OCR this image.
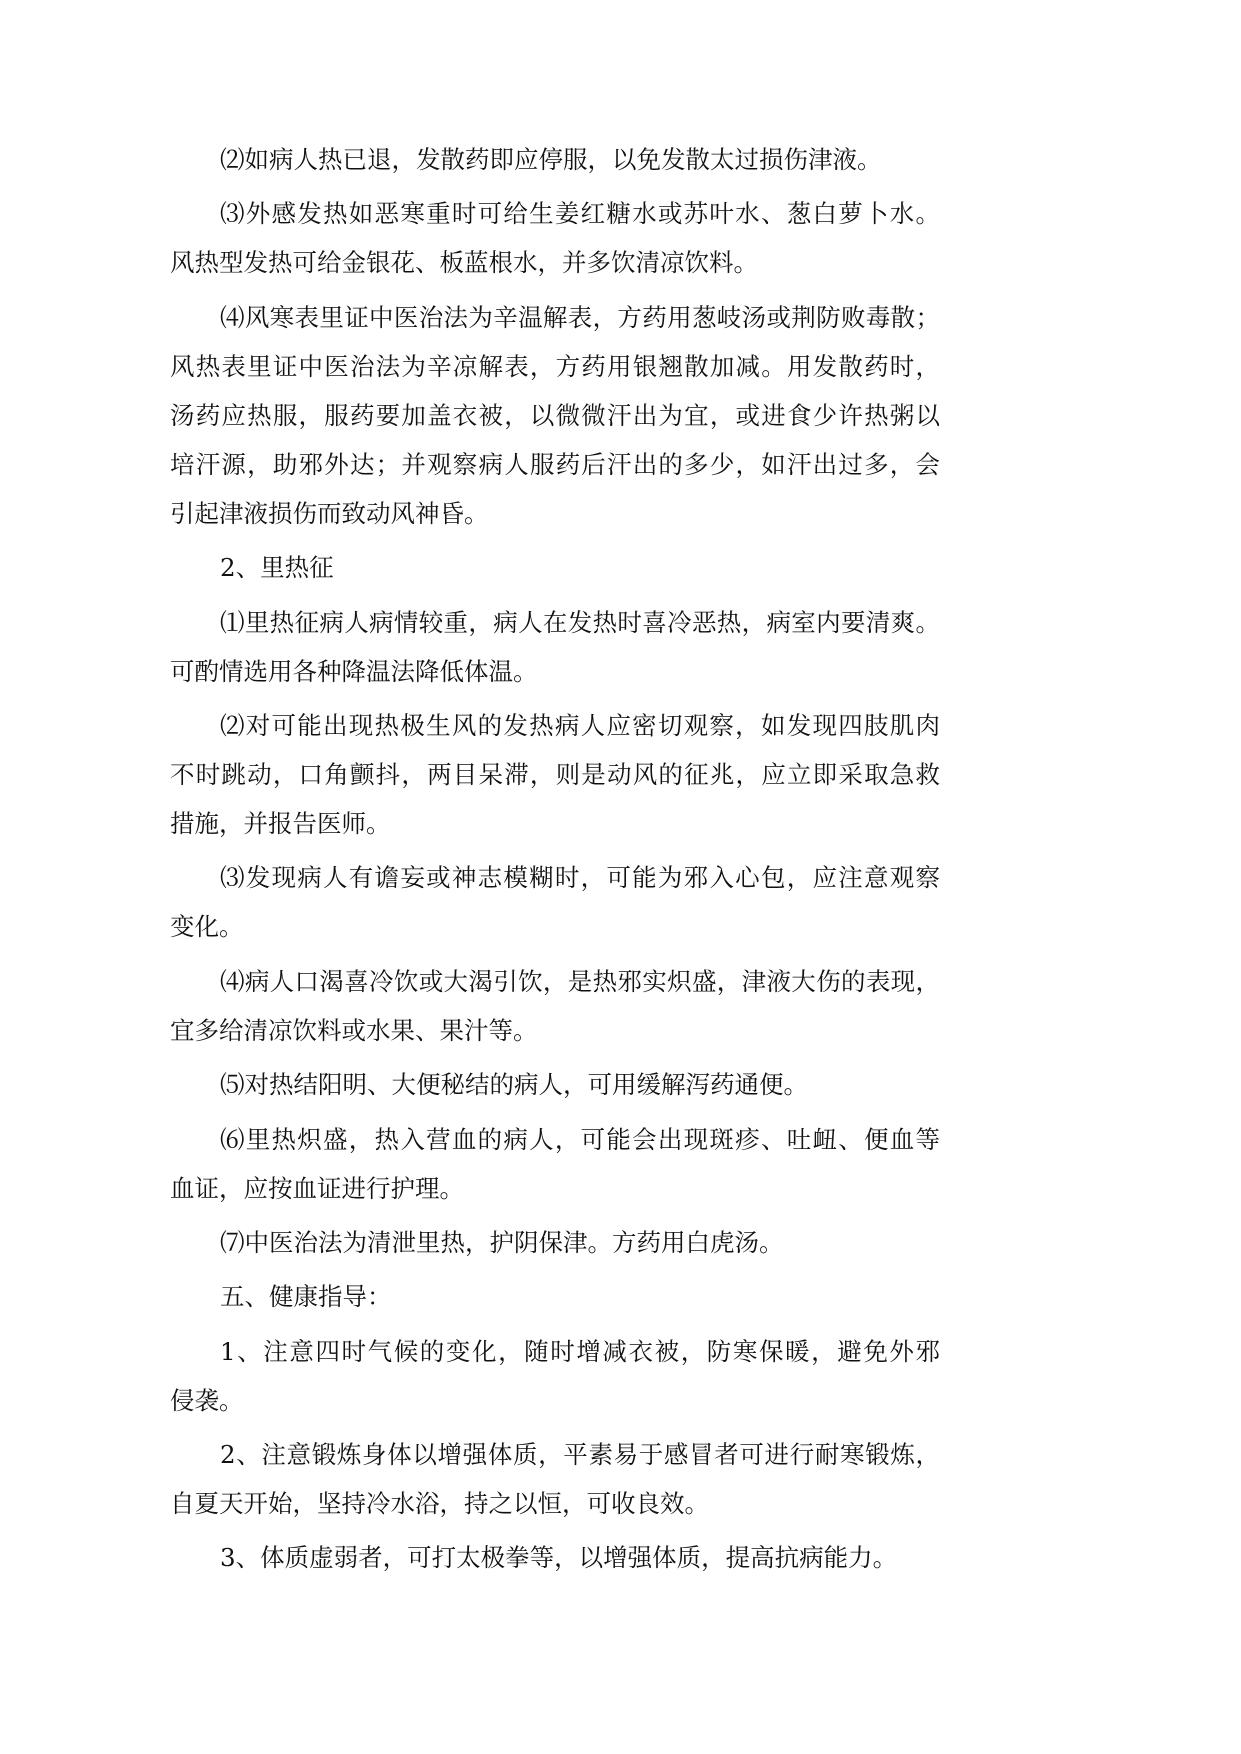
⑵如病人热已退，发散药即应停服，以免发散太过损伤津液。
⑶外感发热如恶寒重时可给生姜红糖水或苏叶水、葱白萝卜水。
风热型发热可给金银花、板蓝根水，并多饮清凉饮料。
⑷风寒表里证中医治法为辛温解表，方药用葱岐汤或荆防败毒散；
风热表里证中医治法为辛凉解表，方药用银翘散加减。用发散药时，
汤药应热服，服药要加盖衣被，以微微汗出为宜，或进食少许热粥以
培汗源，助邪外达；并观察病人服药后汗出的多少，如汗出过多，会
引起津液损伤而致动风神昏。
2、里热征
⑴里热征病人病情较重，病人在发热时喜冷恶热，病室内要清爽。
可酌情选用各种降温法降低体温。
⑵对可能出现热极生风的发热病人应密切观察，如发现四肢肌肉
不时跳动，口角颤抖，两目呆滞，则是动风的征兆，应立即采取急救
措施，并报告医师。
⑶发现病人有谵妄或神志模糊时，可能为邪入心包，应注意观察
变化。
⑷病人口渴喜冷饮或大渴引饮，是热邪实炽盛，津液大伤的表现，
宜多给清凉饮料或水果、果汁等。
⑸对热结阳明、大便秘结的病人，可用缓解泻药通便。
⑹里热炽盛，热入营血的病人，可能会出现斑疹、吐衄、便血等
血证，应按血证进行护理。
⑺中医治法为清泄里热，护阴保津。方药用白虎汤。
五、健康指导：
1、注意四时气候的变化，随时增减衣被，防寒保暖，避免外邪
侵袭。
2、注意锻炼身体以增强体质，平素易于感冒者可进行耐寒锻炼，
自夏天开始，坚持冷水浴，持之以恒，可收良效。
3、体质虚弱者，可打太极拳等，以增强体质，提高抗病能力。
